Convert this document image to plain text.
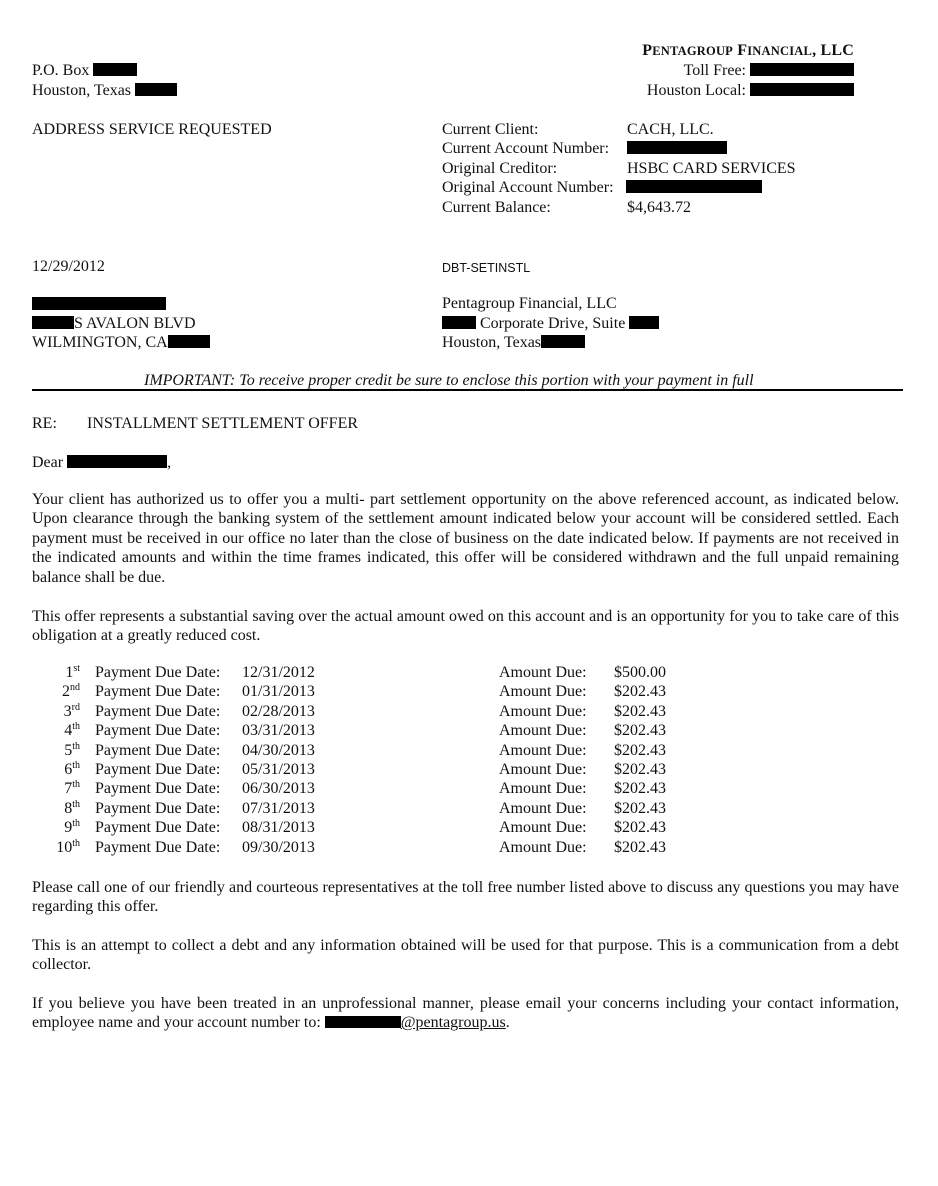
P.O. Box
Houston, Texas
PENTAGROUP FINANCIAL, LLC
Toll Free:
Houston Local:
ADDRESS SERVICE REQUESTED	Current Client:	CACH, LLC.
Current Account Number:
Original Creditor:	HSBC CARD SERVICES
Original Account Number:
Current Balance:	$4,643.72
12/29/2012	DBT-SETINSTL
S AVALON BLVD
WILMINGTON, CA
Pentagroup Financial, LLC
Corporate Drive, Suite
Houston, Texas
IMPORTANT: To receive proper credit be sure to enclose this portion with your payment in full
RE: INSTALLMENT SETTLEMENT OFFER
Dear	,
Your client has authorized us to offer you a multi- part settlement opportunity on the above referenced account, as indicated below. Upon clearance through the banking system of the settlement amount indicated below your account will be considered settled. Each payment must be received in our office no later than the close of business on the date indicated below. If payments are not received in the indicated amounts and within the time frames indicated, this offer will be considered withdrawn and the full unpaid remaining balance shall be due.
This offer represents a substantial saving over the actual amount owed on this account and is an opportunity for you to take care of this obligation at a greatly reduced cost.
1st Payment Due Date: 12/31/2012	Amount Due: $500.00
2nd Payment Due Date: 01/31/2013	Amount Due: $202.43
3rd Payment Due Date: 02/28/2013	Amount Due: $202.43
4th Payment Due Date: 03/31/2013	Amount Due: $202.43
5th Payment Due Date: 04/30/2013	Amount Due: $202.43
6th Payment Due Date: 05/31/2013	Amount Due: $202.43
7th Payment Due Date: 06/30/2013	Amount Due: $202.43
8th Payment Due Date: 07/31/2013	Amount Due: $202.43
9th Payment Due Date: 08/31/2013	Amount Due: $202.43
10th Payment Due Date: 09/30/2013	Amount Due: $202.43
Please call one of our friendly and courteous representatives at the toll free number listed above to discuss any questions you may have regarding this offer.
This is an attempt to collect a debt and any information obtained will be used for that purpose. This is a communication from a debt collector.
If you believe you have been treated in an unprofessional manner, please email your concerns including your contact information, employee name and your account number to:	@pentagroup.us.
